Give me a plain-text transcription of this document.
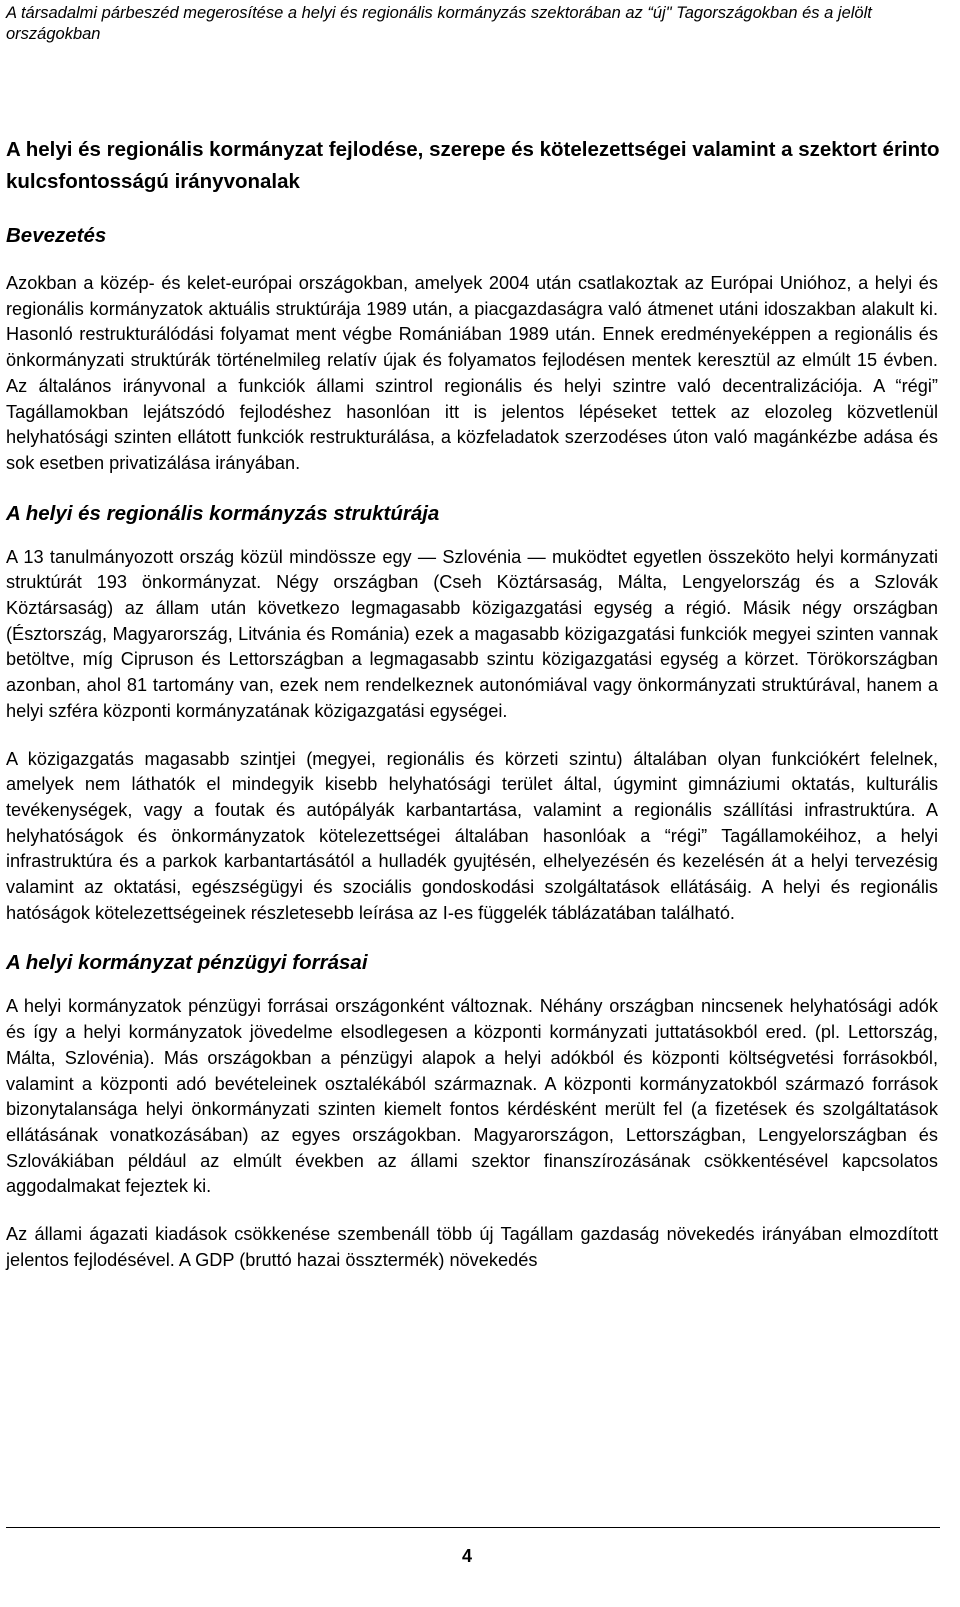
A társadalmi párbeszéd megerosítése a helyi és regionális kormányzás szektorában az “új" Tagországokban és a jelölt országokban
A helyi és regionális kormányzat fejlodése, szerepe és kötelezettségei valamint a szektort érinto kulcsfontosságú irányvonalak
Bevezetés

Azokban a közép- és kelet-európai országokban, amelyek 2004 után csatlakoztak az Európai Unióhoz, a helyi és regionális kormányzatok aktuális struktúrája 1989 után, a piacgazdaságra való átmenet utáni idoszakban alakult ki. Hasonló restrukturálódási folyamat ment végbe Romániában 1989 után. Ennek eredményeképpen a regionális és önkormányzati struktúrák történelmileg relatív újak és folyamatos fejlodésen mentek keresztül az elmúlt 15 évben. Az általános irányvonal a funkciók állami szintrol regionális és helyi szintre való decentralizációja. A “régi” Tagállamokban lejátszódó fejlodéshez hasonlóan itt is jelentos lépéseket tettek az elozoleg közvetlenül helyhatósági szinten ellátott funkciók restrukturálása, a közfeladatok szerzodéses úton való magánkézbe adása és sok esetben privatizálása irányában.

A helyi és regionális kormányzás struktúrája

A 13 tanulmányozott ország közül mindössze egy — Szlovénia — muködtet egyetlen összeköto helyi kormányzati struktúrát 193 önkormányzat. Négy országban (Cseh Köztársaság, Málta, Lengyelország és a Szlovák Köztársaság) az állam után következo legmagasabb közigazgatási egység a régió. Másik négy országban (Észtország, Magyarország, Litvánia és Románia) ezek a magasabb közigazgatási funkciók megyei szinten vannak betöltve, míg Cipruson és Lettországban a legmagasabb szintu közigazgatási egység a körzet. Törökországban azonban, ahol 81 tartomány van, ezek nem rendelkeznek autonómiával vagy önkormányzati struktúrával, hanem a helyi szféra központi kormányzatának közigazgatási egységei.

A közigazgatás magasabb szintjei (megyei, regionális és körzeti szintu) általában olyan funkciókért felelnek, amelyek nem láthatók el mindegyik kisebb helyhatósági terület által, úgymint gimnáziumi oktatás, kulturális tevékenységek, vagy a foutak és autópályák karbantartása, valamint a regionális szállítási infrastruktúra. A helyhatóságok és önkormányzatok kötelezettségei általában hasonlóak a “régi” Tagállamokéihoz, a helyi infrastruktúra és a parkok karbantartásától a hulladék gyujtésén, elhelyezésén és kezelésén át a helyi tervezésig valamint az oktatási, egészségügyi és szociális gondoskodási szolgáltatások ellátásáig. A helyi és regionális hatóságok kötelezettségeinek részletesebb leírása az I-es függelék táblázatában található.

A helyi kormányzat pénzügyi forrásai

A helyi kormányzatok pénzügyi forrásai országonként változnak. Néhány országban nincsenek helyhatósági adók és így a helyi kormányzatok jövedelme elsodlegesen a központi kormányzati juttatásokból ered. (pl. Lettország, Málta, Szlovénia). Más országokban a pénzügyi alapok a helyi adókból és központi költségvetési forrásokból, valamint a központi adó bevételeinek osztalékából származnak. A központi kormányzatokból származó források bizonytalansága helyi önkormányzati szinten kiemelt fontos kérdésként merült fel (a fizetések és szolgáltatások ellátásának vonatkozásában) az egyes országokban. Magyarországon, Lettországban, Lengyelországban és Szlovákiában például az elmúlt években az állami szektor finanszírozásának csökkentésével kapcsolatos aggodalmakat fejeztek ki.

Az állami ágazati kiadások csökkenése szembenáll több új Tagállam gazdaság növekedés irányában elmozdított jelentos fejlodésével. A GDP (bruttó hazai össztermék) növekedés

4
